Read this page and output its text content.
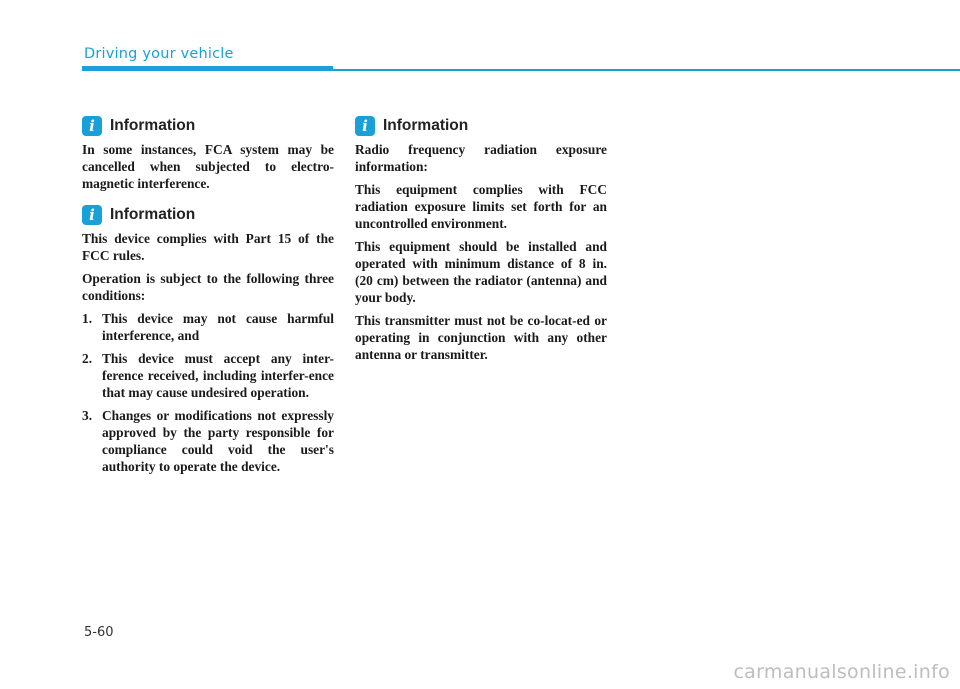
Driving your vehicle
i Information

In some instances, FCA system may be cancelled when subjected to electro-magnetic interference.

i Information

This device complies with Part 15 of the FCC rules.

Operation is subject to the following three conditions:

1. This device may not cause harmful interference, and
2. This device must accept any inter-ference received, including interfer-ence that may cause undesired operation.
3. Changes or modifications not expressly approved by the party responsible for compliance could void the user's authority to operate the device.
i Information

Radio frequency radiation exposure information:

This equipment complies with FCC radiation exposure limits set forth for an uncontrolled environment.

This equipment should be installed and operated with minimum distance of 8 in. (20 cm) between the radiator (antenna) and your body.

This transmitter must not be co-locat-ed or operating in conjunction with any other antenna or transmitter.

5-60
carmanualsonline.info
